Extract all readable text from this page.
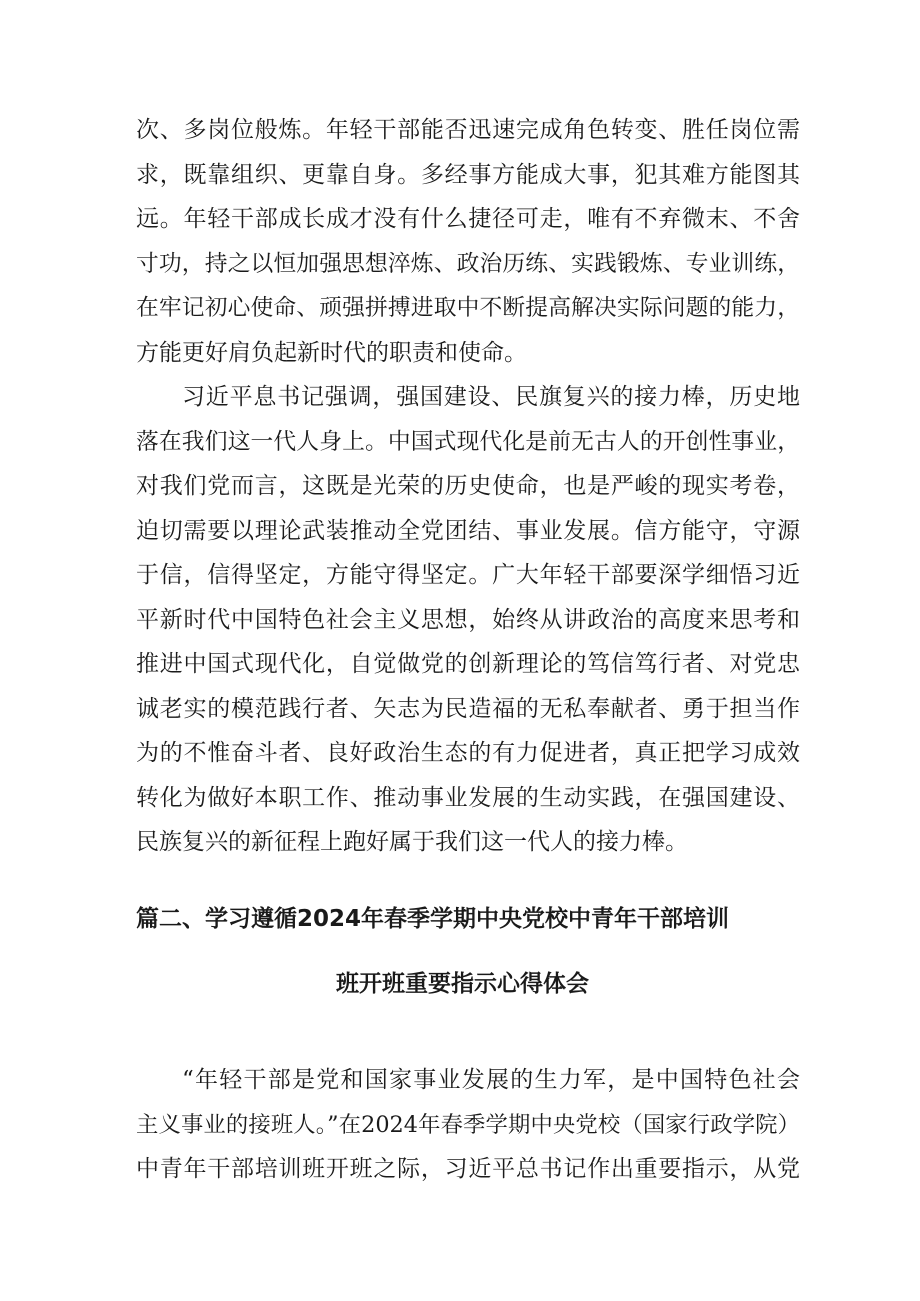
次、多岗位般炼。年轻干部能否迅速完成角色转变、胜任岗位需
求，既靠组织、更靠自身。多经事方能成大事，犯其难方能图其
远。年轻干部成长成才没有什么捷径可走，唯有不弃微末、不舍
寸功，持之以恒加强思想淬炼、政治历练、实践锻炼、专业训练，
在牢记初心使命、顽强拼搏进取中不断提高解决实际问题的能力，
方能更好肩负起新时代的职责和使命。
习近平息书记强调，强国建设、民旗复兴的接力棒，历史地
落在我们这一代人身上。中国式现代化是前无古人的开创性事业，
对我们党而言，这既是光荣的历史使命，也是严峻的现实考卷，
迫切需要以理论武装推动全党团结、事业发展。信方能守，守源
于信，信得坚定，方能守得坚定。广大年轻干部要深学细悟习近
平新时代中国特色社会主义思想，始终从讲政治的高度来思考和
推进中国式现代化，自觉做党的创新理论的笃信笃行者、对党忠
诚老实的模范践行者、矢志为民造福的无私奉献者、勇于担当作
为的不惟奋斗者、良好政治生态的有力促进者，真正把学习成效
转化为做好本职工作、推动事业发展的生动实践，在强国建设、
民族复兴的新征程上跑好属于我们这一代人的接力棒。
篇二、学习遵循2024年春季学期中央党校中青年干部培训
班开班重要指示心得体会
“年轻干部是党和国家事业发展的生力军，是中国特色社会
主义事业的接班人。”在2024年春季学期中央党校（国家行政学院）
中青年干部培训班开班之际，习近平总书记作出重要指示，从党
